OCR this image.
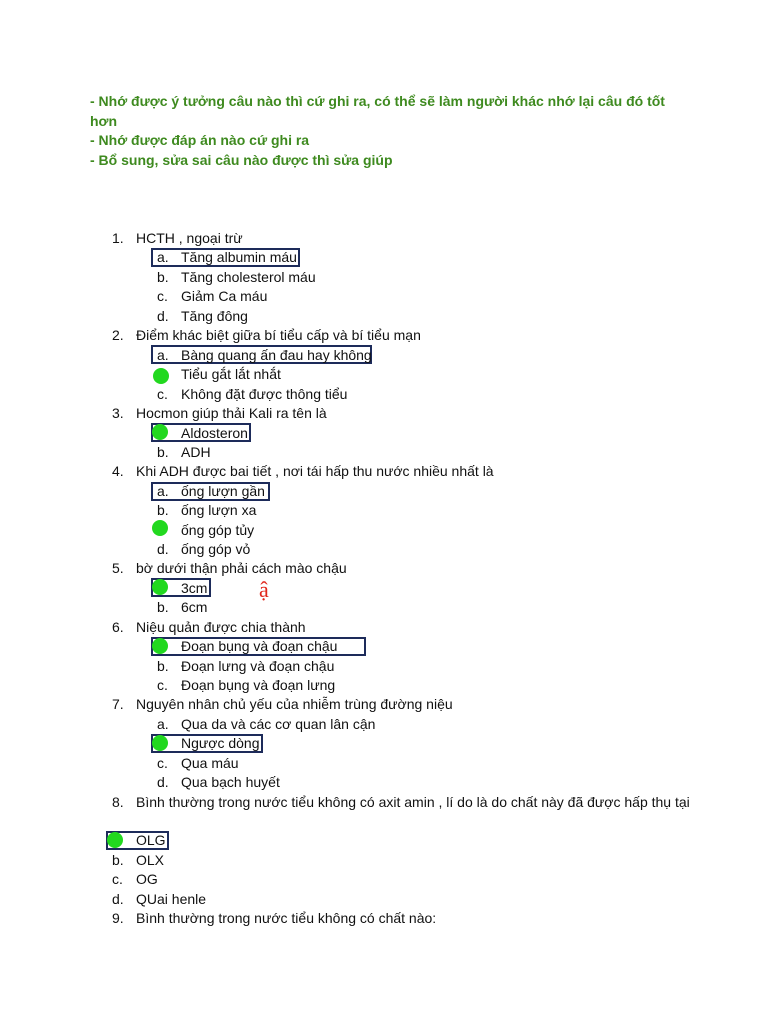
- Nhớ được ý tưởng câu nào thì cứ ghi ra, có thể sẽ làm người khác nhớ lại câu đó tốt hơn
- Nhớ được đáp án nào cứ ghi ra
- Bổ sung, sửa sai câu nào được thì sửa giúp
1. HCTH , ngoại trừ
a. Tăng albumin máu
b. Tăng cholesterol máu
c. Giảm Ca máu
d. Tăng đông
2. Điểm khác biệt giữa bí tiểu cấp và bí tiểu mạn
a. Bàng quang ấn đau hay không
Tiểu gắt lắt nhắt
c. Không đặt được thông tiểu
3. Hocmon giúp thải Kali ra tên là
Aldosteron
b. ADH
4. Khi ADH được bai tiết , nơi tái hấp thu nước nhiều nhất là
a. ống lượn gần
b. ống lượn xa
ống góp tủy
d. ống góp vỏ
5. bờ dưới thận phải cách mào chậu
3cm
b. 6cm
ậ
6. Niệu quản được chia thành
Đoạn bụng và đoạn chậu
b. Đoạn lưng và đoạn chậu
c. Đoạn bụng và đoạn lưng
7. Nguyên nhân chủ yếu của nhiễm trùng đường niệu
a. Qua da và các cơ quan lân cận
Ngược dòng
c. Qua máu
d. Qua bạch huyết
8. Bình thường trong nước tiểu không có axit amin , lí do là do chất này đã được hấp thụ tại
OLG
b. OLX
c. OG
d. QUai henle
9. Bình thường trong nước tiểu không có chất nào:
